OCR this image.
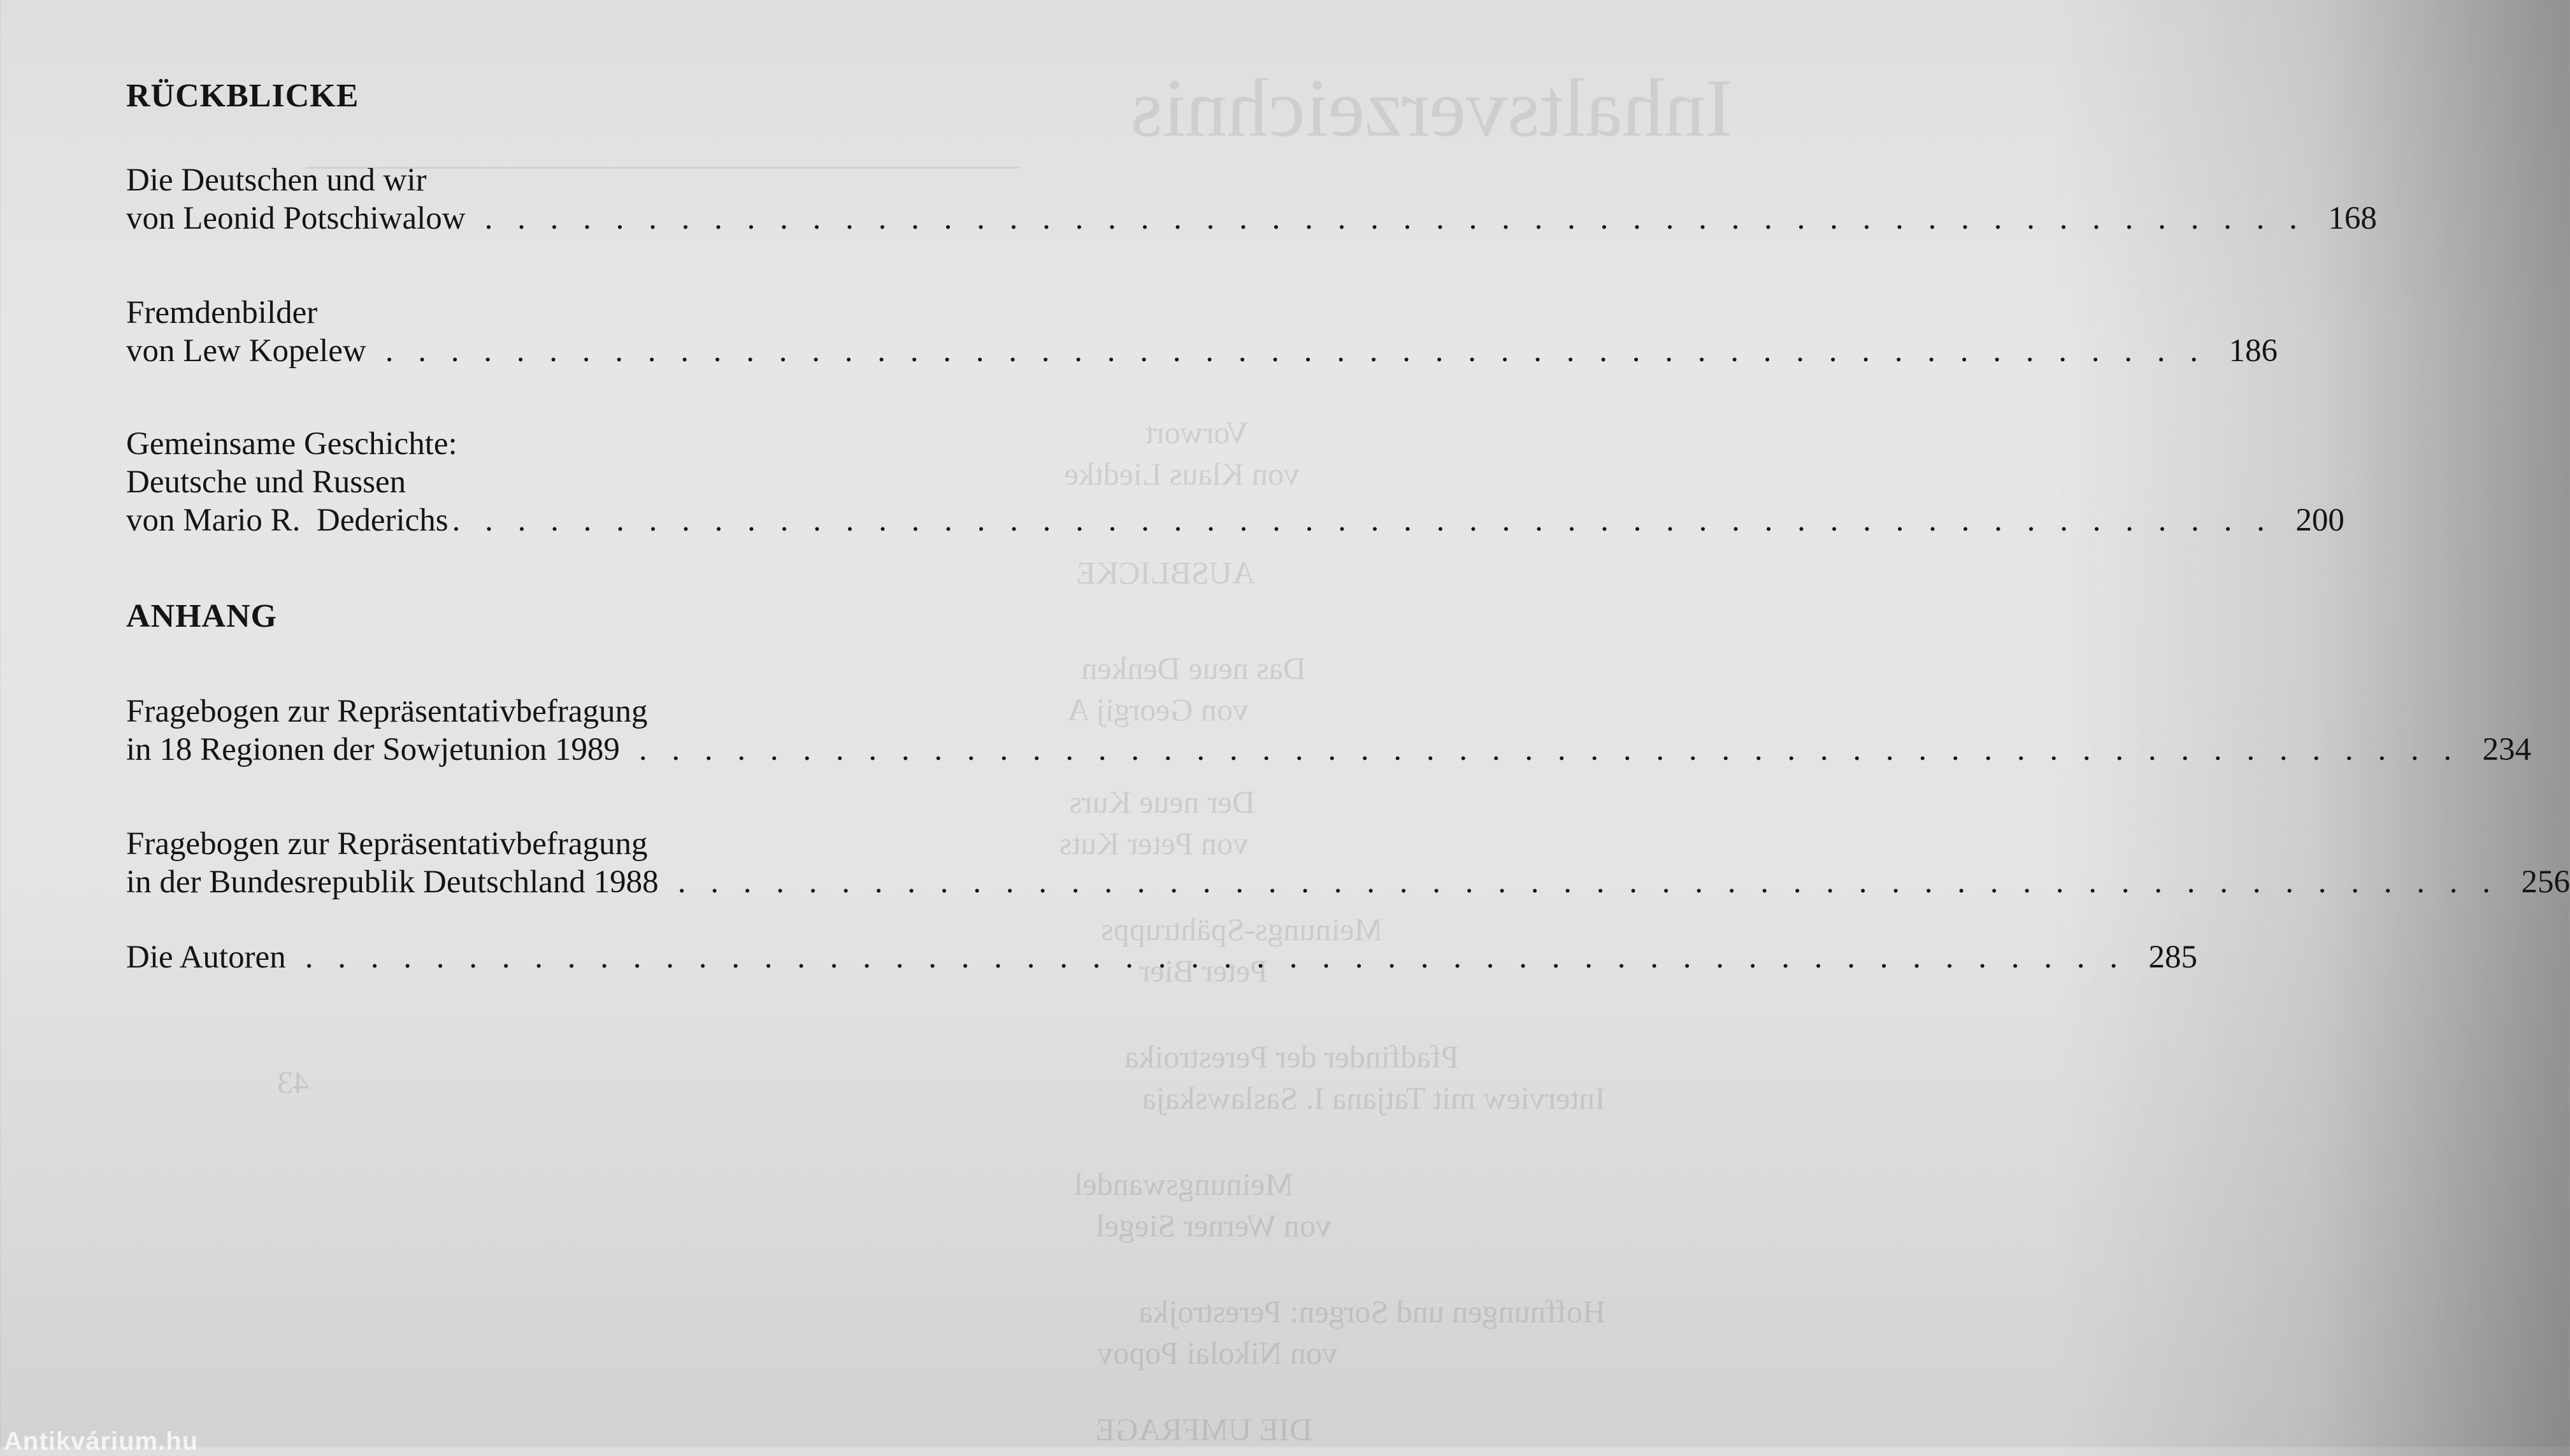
Inhaltsverzeichnis
Vorwort
von Klaus Liedtke
AUSBLICKE
Das neue Denken
von Georgij A
Der neue Kurs
von Peter Kuts
Meinungs-Spähtrupps
Peter Bier
Pfadfinder der Perestroika
Interview mit Tatjana I. Saslawskaja
43
Meinungswandel
von Werner Siegel
Hoffnungen und Sorgen: Perestrojka
von Nikolai Popov
DIE UMFRAGE
RÜCKBLICKE
Die Deutschen und wir
von Leonid Potschiwalow . . .	168
Fremdenbilder
von Lew Kopelew . . .	186
Gemeinsame Geschichte:
Deutsche und Russen
von Mario R.  Dederichs . . .	200
ANHANG
Fragebogen zur Repräsentativbefragung
in 18 Regionen der Sowjetunion 1989 . . .	234
Fragebogen zur Repräsentativbefragung
in der Bundesrepublik Deutschland 1988 . . .	256
Die Autoren . . .	285
Antikvárium.hu
